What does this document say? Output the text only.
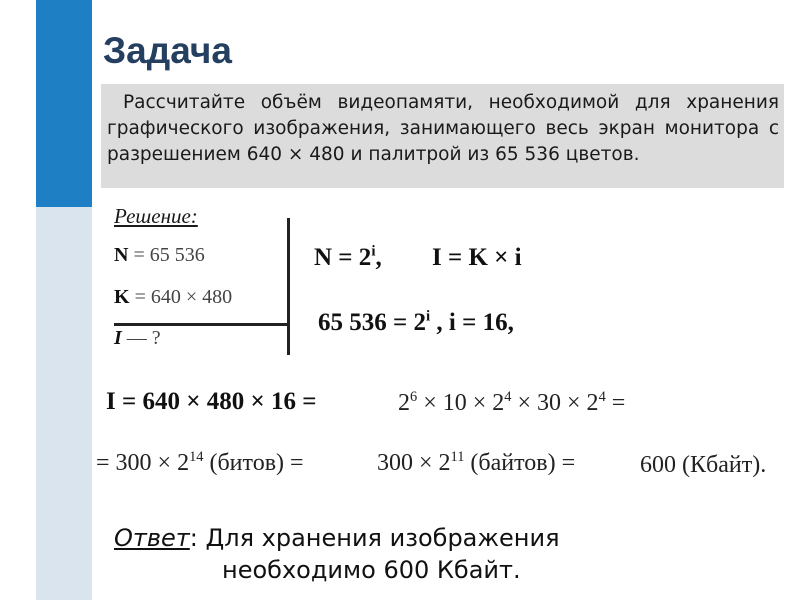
Задача

Рассчитайте объём видеопамяти, необходимой для хранения графического изображения, занимающего весь экран монитора с разрешением 640 × 480 и палитрой из 65 536 цветов.

Решение:
N = 65 536
K = 640 × 480
I — ?
$N = 2^i$, I = K × i
65 $536 = 2^i$ , i = 16,
I = 640 × 480 × 16 =	$2^6 \times 10 \times 2^4 \times 30 \times 2^4$ =
= $300 \times 2^{14}$ (битов) =	$300 \times 2^{11}$ (байтов) =	600 (Кбайт).
Ответ: Для хранения изображения
необходимо 600 Кбайт.
